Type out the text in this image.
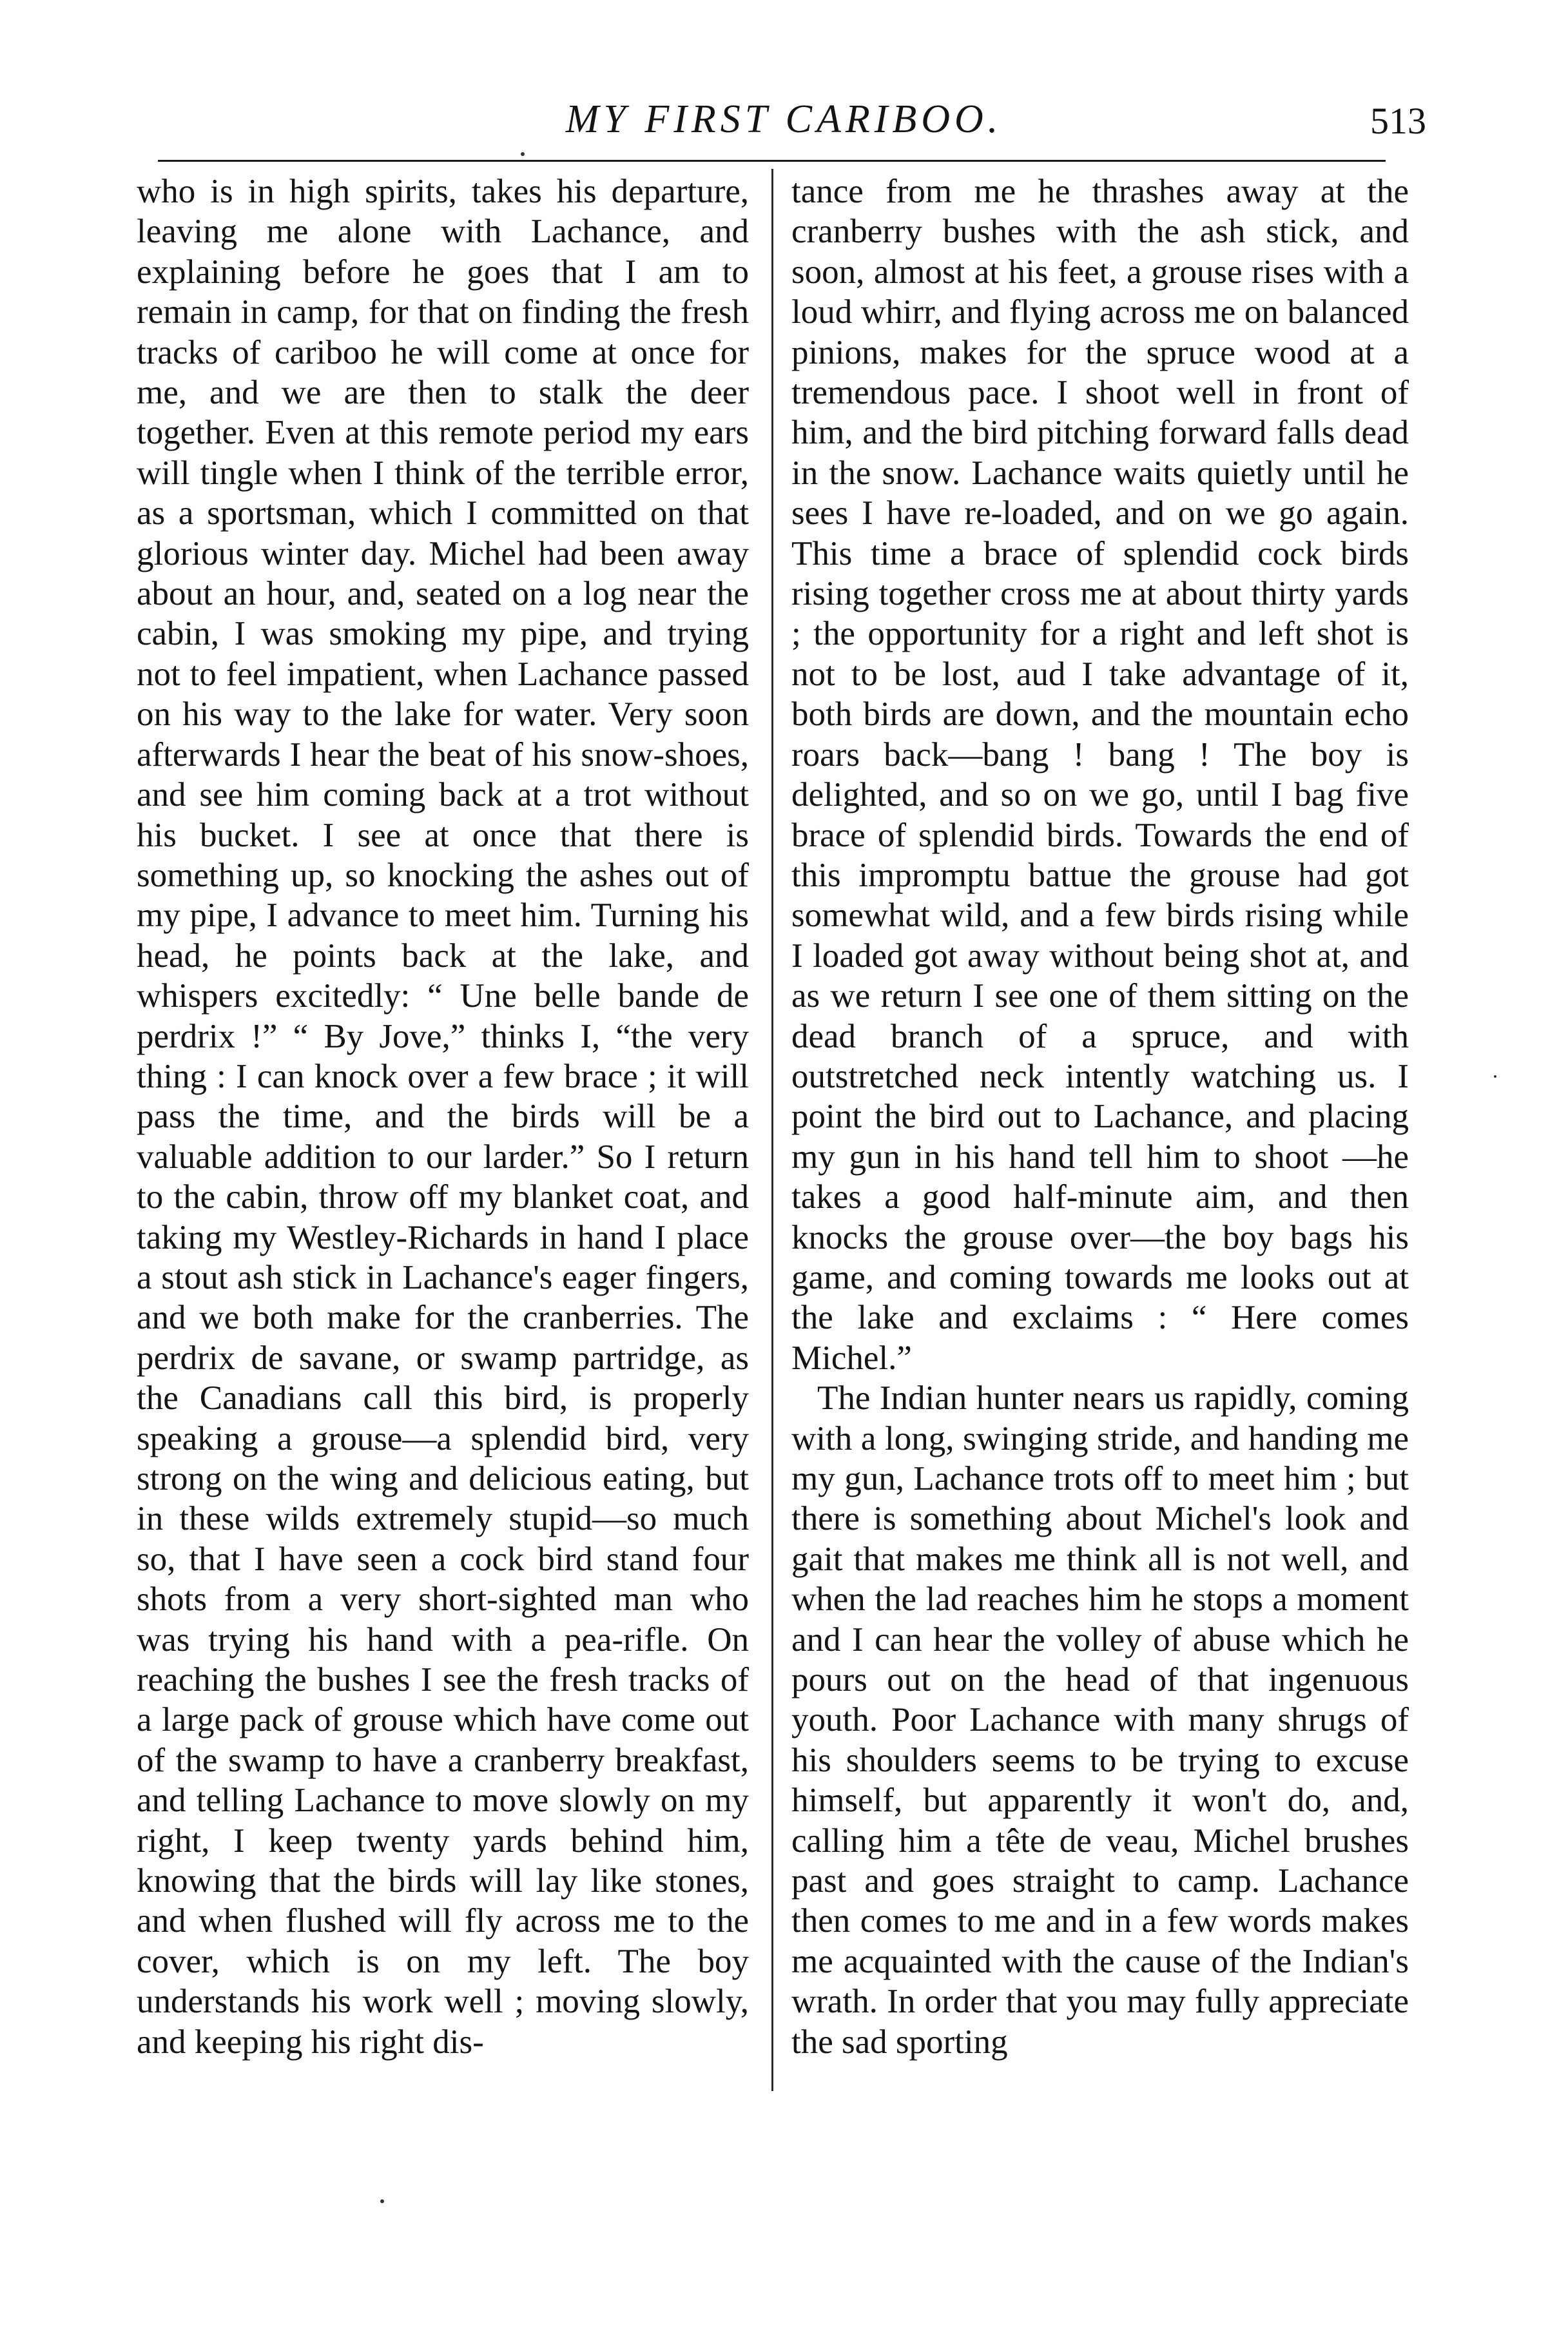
MY FIRST CARIBOO.	513

who is in high spirits, takes his departure, leaving me alone with Lachance, and explaining before he goes that I am to remain in camp, for that on finding the fresh tracks of cariboo he will come at once for me, and we are then to stalk the deer together. Even at this remote period my ears will tingle when I think of the terrible error, as a sportsman, which I committed on that glorious winter day. Michel had been away about an hour, and, seated on a log near the cabin, I was smoking my pipe, and trying not to feel impatient, when Lachance passed on his way to the lake for water. Very soon afterwards I hear the beat of his snow-shoes, and see him coming back at a trot without his bucket. I see at once that there is something up, so knocking the ashes out of my pipe, I advance to meet him. Turning his head, he points back at the lake, and whispers excitedly: “ Une belle bande de perdrix !” “ By Jove,” thinks I, “the very thing : I can knock over a few brace ; it will pass the time, and the birds will be a valuable addition to our larder.” So I return to the cabin, throw off my blanket coat, and taking my Westley-Richards in hand I place a stout ash stick in Lachance's eager fingers, and we both make for the cranberries. The perdrix de savane, or swamp partridge, as the Canadians call this bird, is properly speaking a grouse—a splendid bird, very strong on the wing and delicious eating, but in these wilds extremely stupid—so much so, that I have seen a cock bird stand four shots from a very short-sighted man who was trying his hand with a pea-rifle. On reaching the bushes I see the fresh tracks of a large pack of grouse which have come out of the swamp to have a cranberry breakfast, and telling Lachance to move slowly on my right, I keep twenty yards behind him, knowing that the birds will lay like stones, and when flushed will fly across me to the cover, which is on my left. The boy understands his work well ; moving slowly, and keeping his right dis-

tance from me he thrashes away at the cranberry bushes with the ash stick, and soon, almost at his feet, a grouse rises with a loud whirr, and flying across me on balanced pinions, makes for the spruce wood at a tremendous pace. I shoot well in front of him, and the bird pitching forward falls dead in the snow. Lachance waits quietly until he sees I have re-loaded, and on we go again. This time a brace of splendid cock birds rising together cross me at about thirty yards ; the opportunity for a right and left shot is not to be lost, aud I take advantage of it, both birds are down, and the mountain echo roars back—bang ! bang ! The boy is delighted, and so on we go, until I bag five brace of splendid birds. Towards the end of this impromptu battue the grouse had got somewhat wild, and a few birds rising while I loaded got away without being shot at, and as we return I see one of them sitting on the dead branch of a spruce, and with outstretched neck intently watching us. I point the bird out to Lachance, and placing my gun in his hand tell him to shoot —he takes a good half-minute aim, and then knocks the grouse over—the boy bags his game, and coming towards me looks out at the lake and exclaims : “ Here comes Michel.”

The Indian hunter nears us rapidly, coming with a long, swinging stride, and handing me my gun, Lachance trots off to meet him ; but there is something about Michel's look and gait that makes me think all is not well, and when the lad reaches him he stops a moment and I can hear the volley of abuse which he pours out on the head of that ingenuous youth. Poor Lachance with many shrugs of his shoulders seems to be trying to excuse himself, but apparently it won't do, and, calling him a tête de veau, Michel brushes past and goes straight to camp. Lachance then comes to me and in a few words makes me acquainted with the cause of the Indian's wrath. In order that you may fully appreciate the sad sporting
